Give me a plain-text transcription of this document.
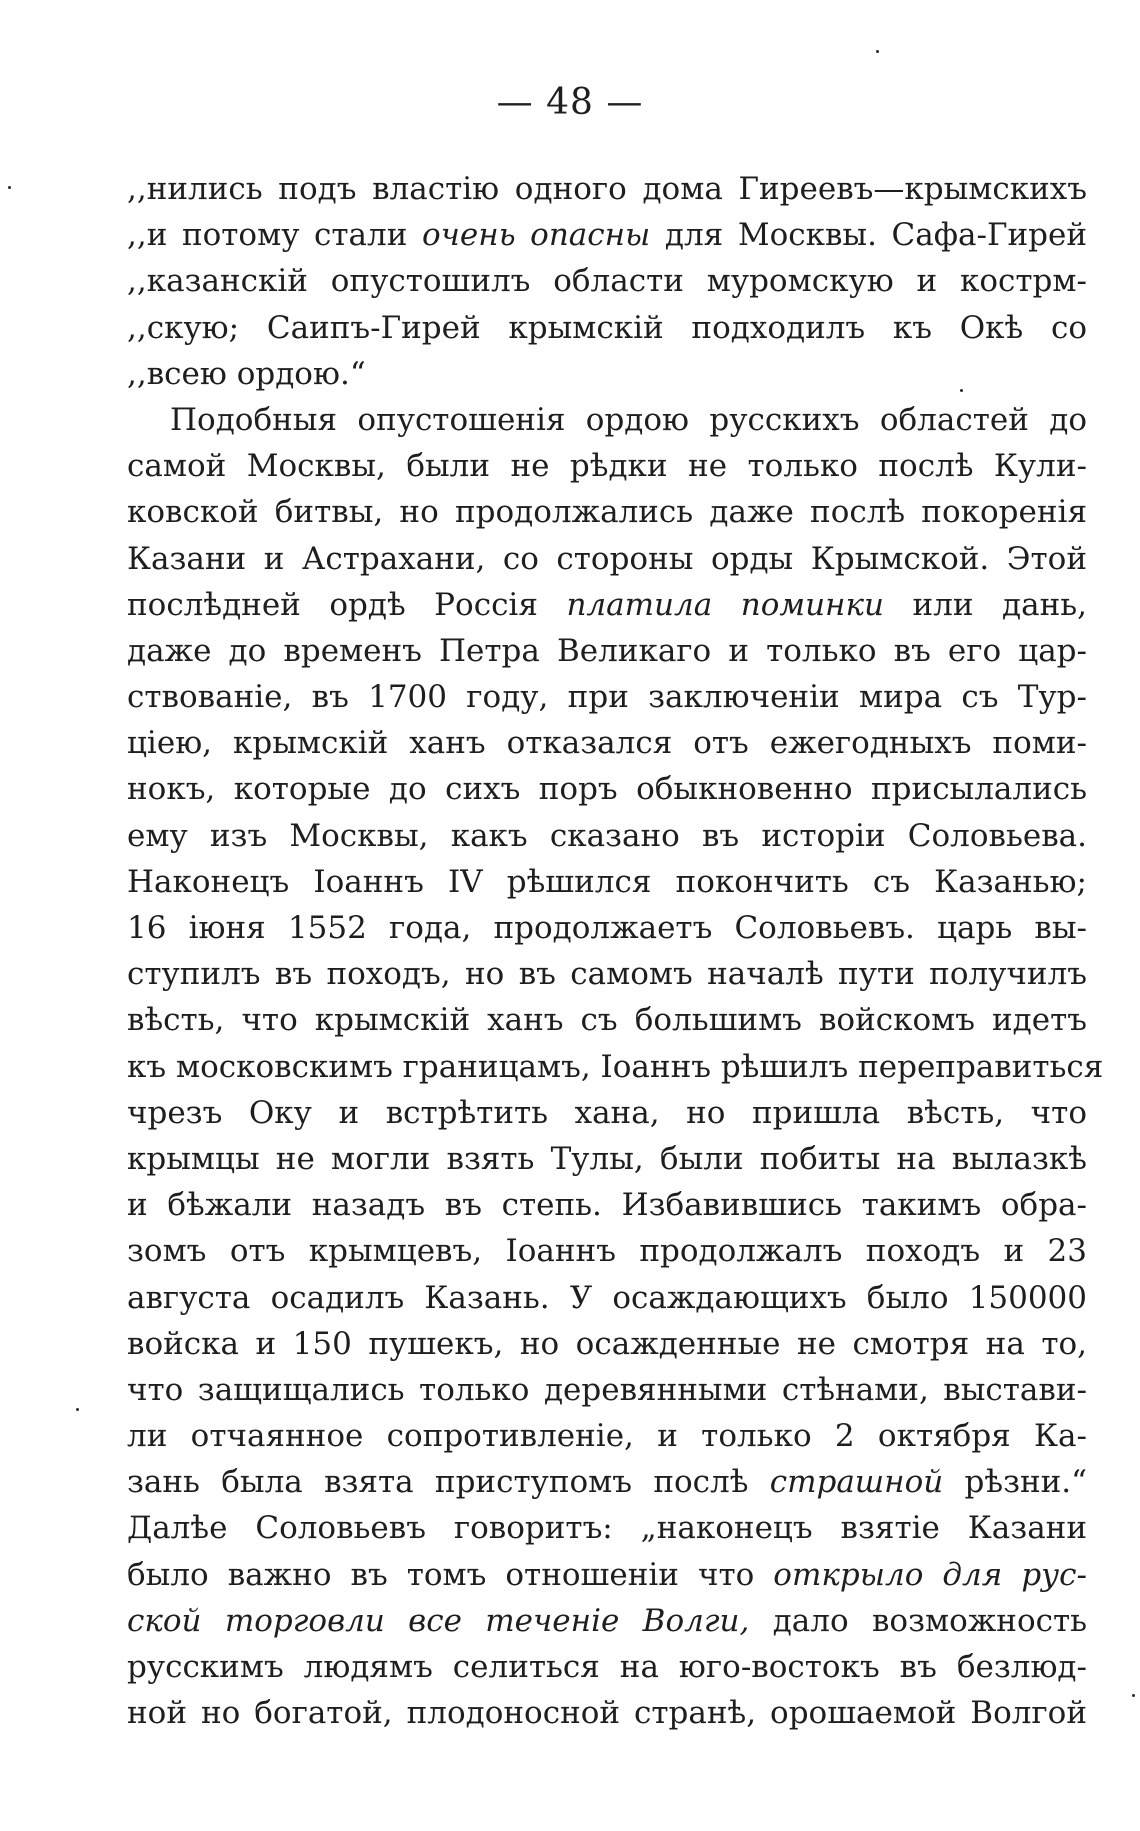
— 48 —
,,нились подъ властію одного дома Гиреевъ—крымскихъ
,,и потому стали очень опасны для Москвы. Сафа-Гирей
,,казанскій опустошилъ области муромскую и кострм-
,,скую; Саипъ-Гирей крымскій подходилъ къ Окѣ со
,,всею ордою.“
Подобныя опустошенія ордою русскихъ областей до
самой Москвы, были не рѣдки не только послѣ Кули-
ковской битвы, но продолжались даже послѣ покоренія
Казани и Астрахани, со стороны орды Крымской. Этой
послѣдней ордѣ Россія платила поминки или дань,
даже до временъ Петра Великаго и только въ его цар-
ствованіе, въ 1700 году, при заключеніи мира съ Тур-
ціею, крымскій ханъ отказался отъ ежегодныхъ поми-
нокъ, которые до сихъ поръ обыкновенно присылались
ему изъ Москвы, какъ сказано въ исторіи Соловьева.
Наконецъ Іоаннъ IV рѣшился покончить съ Казанью;
16 іюня 1552 года, продолжаетъ Соловьевъ. царь вы-
ступилъ въ походъ, но въ самомъ началѣ пути получилъ
вѣсть, что крымскій ханъ съ большимъ войскомъ идетъ
къ московскимъ границамъ, Іоаннъ рѣшилъ переправиться
чрезъ Оку и встрѣтить хана, но пришла вѣсть, что
крымцы не могли взять Тулы, были побиты на вылазкѣ
и бѣжали назадъ въ степь. Избавившись такимъ обра-
зомъ отъ крымцевъ, Іоаннъ продолжалъ походъ и 23
августа осадилъ Казань. У осаждающихъ было 150000
войска и 150 пушекъ, но осажденные не смотря на то,
что защищались только деревянными стѣнами, выстави-
ли отчаянное сопротивленіе, и только 2 октября Ка-
зань была взята приступомъ послѣ страшной рѣзни.“
Далѣе Соловьевъ говоритъ: „наконецъ взятіе Казани
было важно въ томъ отношеніи что открыло для рус-
ской торговли все теченіе Волги, дало возможность
русскимъ людямъ селиться на юго-востокъ въ безлюд-
ной но богатой, плодоносной странѣ, орошаемой Волгой
